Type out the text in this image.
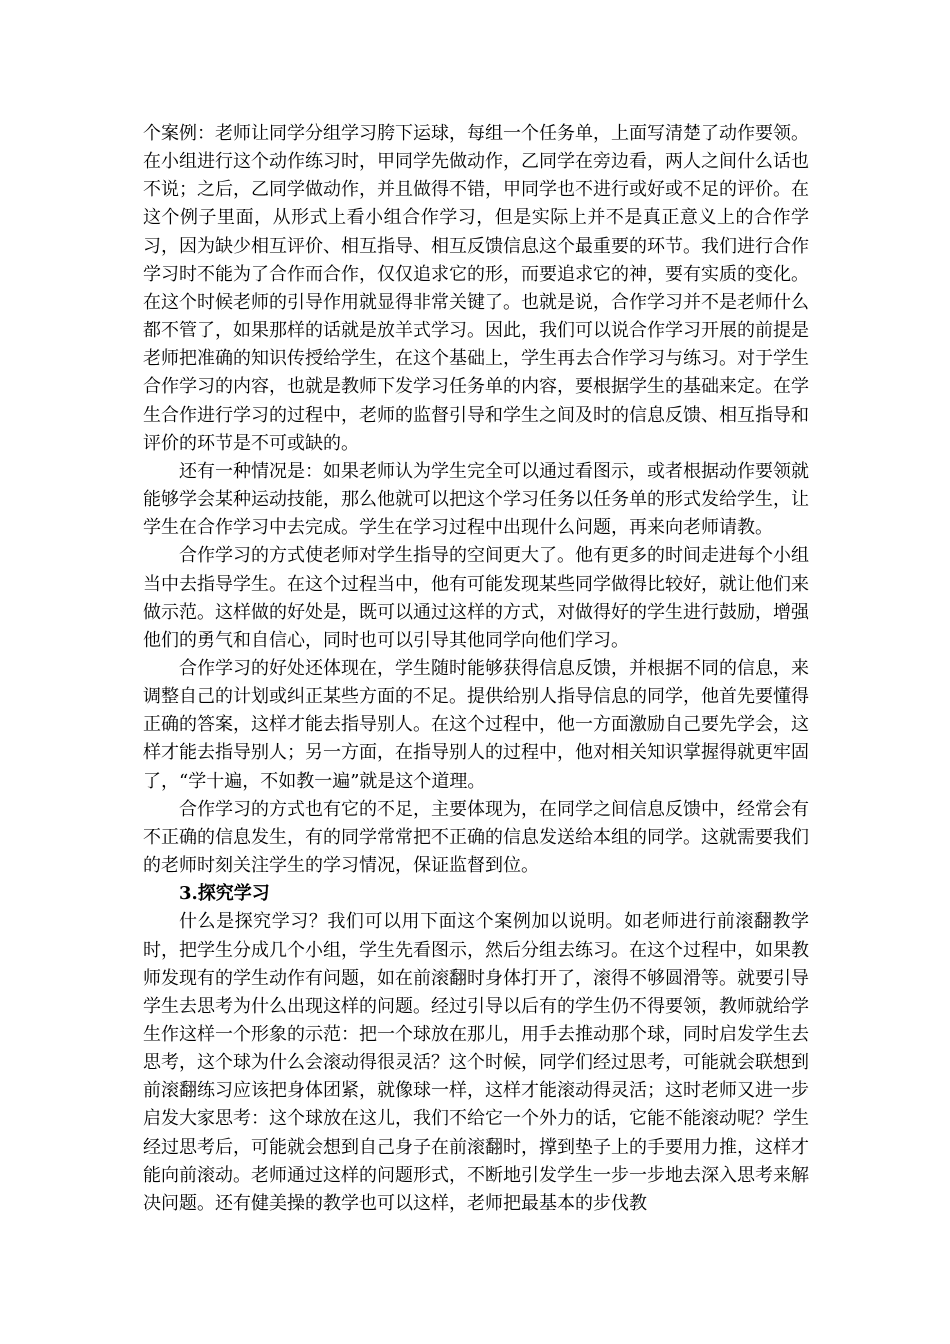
个案例：老师让同学分组学习胯下运球，每组一个任务单，上面写清楚了动作要领。在小组进行这个动作练习时，甲同学先做动作，乙同学在旁边看，两人之间什么话也不说；之后，乙同学做动作，并且做得不错，甲同学也不进行或好或不足的评价。在这个例子里面，从形式上看小组合作学习，但是实际上并不是真正意义上的合作学习，因为缺少相互评价、相互指导、相互反馈信息这个最重要的环节。我们进行合作学习时不能为了合作而合作，仅仅追求它的形，而要追求它的神，要有实质的变化。在这个时候老师的引导作用就显得非常关键了。也就是说，合作学习并不是老师什么都不管了，如果那样的话就是放羊式学习。因此，我们可以说合作学习开展的前提是老师把准确的知识传授给学生，在这个基础上，学生再去合作学习与练习。对于学生合作学习的内容，也就是教师下发学习任务单的内容，要根据学生的基础来定。在学生合作进行学习的过程中，老师的监督引导和学生之间及时的信息反馈、相互指导和评价的环节是不可或缺的。

还有一种情况是：如果老师认为学生完全可以通过看图示，或者根据动作要领就能够学会某种运动技能，那么他就可以把这个学习任务以任务单的形式发给学生，让学生在合作学习中去完成。学生在学习过程中出现什么问题，再来向老师请教。

合作学习的方式使老师对学生指导的空间更大了。他有更多的时间走进每个小组当中去指导学生。在这个过程当中，他有可能发现某些同学做得比较好，就让他们来做示范。这样做的好处是，既可以通过这样的方式，对做得好的学生进行鼓励，增强他们的勇气和自信心，同时也可以引导其他同学向他们学习。

合作学习的好处还体现在，学生随时能够获得信息反馈，并根据不同的信息，来调整自己的计划或纠正某些方面的不足。提供给别人指导信息的同学，他首先要懂得正确的答案，这样才能去指导别人。在这个过程中，他一方面激励自己要先学会，这样才能去指导别人；另一方面，在指导别人的过程中，他对相关知识掌握得就更牢固了，“学十遍，不如教一遍”就是这个道理。

合作学习的方式也有它的不足，主要体现为，在同学之间信息反馈中，经常会有不正确的信息发生，有的同学常常把不正确的信息发送给本组的同学。这就需要我们的老师时刻关注学生的学习情况，保证监督到位。

3.探究学习

什么是探究学习？我们可以用下面这个案例加以说明。如老师进行前滚翻教学时，把学生分成几个小组，学生先看图示，然后分组去练习。在这个过程中，如果教师发现有的学生动作有问题，如在前滚翻时身体打开了，滚得不够圆滑等。就要引导学生去思考为什么出现这样的问题。经过引导以后有的学生仍不得要领，教师就给学生作这样一个形象的示范：把一个球放在那儿，用手去推动那个球，同时启发学生去思考，这个球为什么会滚动得很灵活？这个时候，同学们经过思考，可能就会联想到前滚翻练习应该把身体团紧，就像球一样，这样才能滚动得灵活；这时老师又进一步启发大家思考：这个球放在这儿，我们不给它一个外力的话，它能不能滚动呢？学生经过思考后，可能就会想到自己身子在前滚翻时，撑到垫子上的手要用力推，这样才能向前滚动。老师通过这样的问题形式，不断地引发学生一步一步地去深入思考来解决问题。还有健美操的教学也可以这样，老师把最基本的步伐教
